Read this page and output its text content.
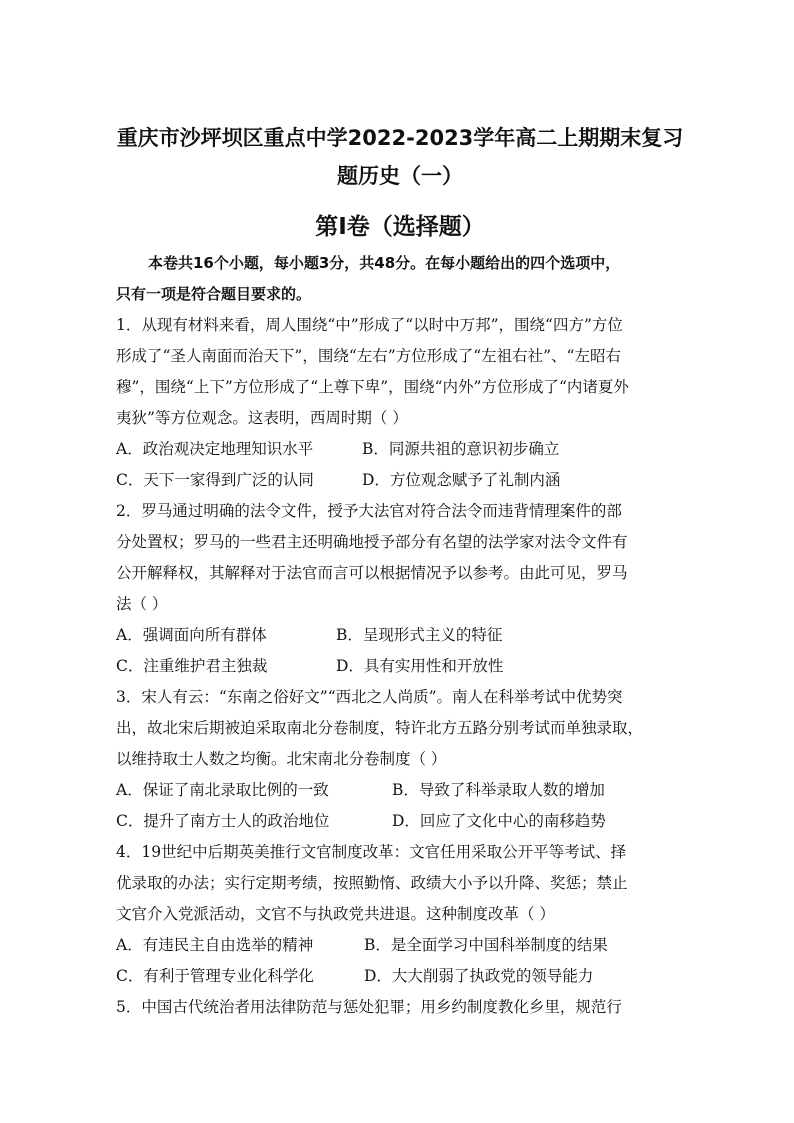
重庆市沙坪坝区重点中学2022-2023学年高二上期期末复习
题历史（一）
第Ⅰ卷（选择题）
本卷共16个小题，每小题3分，共48分。在每小题给出的四个选项中，
只有一项是符合题目要求的。
1．从现有材料来看，周人围绕“中”形成了“以时中万邦”，围绕“四方”方位
形成了“圣人南面而治天下”，围绕“左右”方位形成了“左祖右社”、“左昭右
穆”，围绕“上下”方位形成了“上尊下卑”，围绕“内外”方位形成了“内诸夏外
夷狄”等方位观念。这表明，西周时期（ ）
A．政治观决定地理知识水平	B．同源共祖的意识初步确立
C．天下一家得到广泛的认同	D．方位观念赋予了礼制内涵
2．罗马通过明确的法令文件，授予大法官对符合法令而违背情理案件的部
分处置权；罗马的一些君主还明确地授予部分有名望的法学家对法令文件有
公开解释权，其解释对于法官而言可以根据情况予以参考。由此可见，罗马
法（ ）
A．强调面向所有群体	B．呈现形式主义的特征
C．注重维护君主独裁	D．具有实用性和开放性
3．宋人有云：“东南之俗好文”“西北之人尚质”。南人在科举考试中优势突
出，故北宋后期被迫采取南北分卷制度，特许北方五路分别考试而单独录取，
以维持取士人数之均衡。北宋南北分卷制度（ ）
A．保证了南北录取比例的一致	B．导致了科举录取人数的增加
C．提升了南方士人的政治地位	D．回应了文化中心的南移趋势
4．19世纪中后期英美推行文官制度改革：文官任用采取公开平等考试、择
优录取的办法；实行定期考绩，按照勤惰、政绩大小予以升降、奖惩；禁止
文官介入党派活动，文官不与执政党共进退。这种制度改革（ ）
A．有违民主自由选举的精神	B．是全面学习中国科举制度的结果
C．有利于管理专业化科学化	D．大大削弱了执政党的领导能力
5．中国古代统治者用法律防范与惩处犯罪；用乡约制度教化乡里，规范行
